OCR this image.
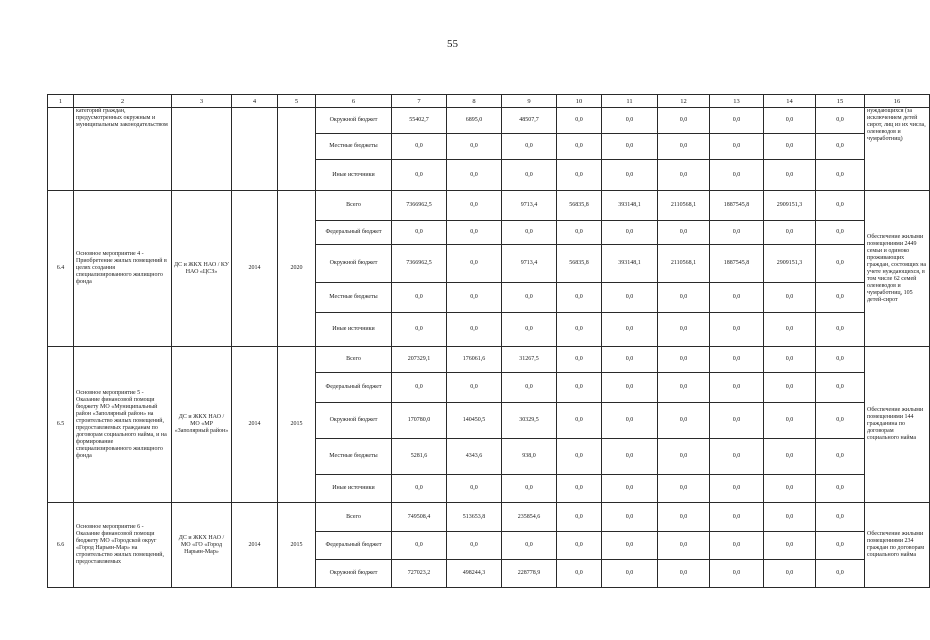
55
1	2	3	4	5	6	7	8	9	10	11	12	13	14	15	16
	категорий граждан, предусмотренных окружным и муниципальным законодательством				Окружной бюджет	55402,7	6895,0	48507,7	0,0	0,0	0,0	0,0	0,0	0,0	нуждающихся (за исключением детей сирот, лиц из их числа, оленеводов и чумработниц)
					Местные бюджеты	0,0	0,0	0,0	0,0	0,0	0,0	0,0	0,0	0,0	
					Иные источники	0,0	0,0	0,0	0,0	0,0	0,0	0,0	0,0	0,0	
6.4	Основное мероприятие 4 - Приобретение жилых помещений в целях создания специализированного жилищного фонда	ДС и ЖКХ НАО / КУ НАО «ЦСЗ»	2014	2020	Всего	7366962,5	0,0	9713,4	56835,8	393148,1	2110568,1	1887545,8	2909151,3	0,0	Обеспечение жилыми помещениями 2449 семьи и одиноко проживающих граждан, состоящих на учете нуждающихся, в том числе 62 семей оленеводов и чумработниц, 105 детей-сирот
					Федеральный бюджет	0,0	0,0	0,0	0,0	0,0	0,0	0,0	0,0	0,0	
					Окружной бюджет	7366962,5	0,0	9713,4	56835,8	393148,1	2110568,1	1887545,8	2909151,3	0,0	
					Местные бюджеты	0,0	0,0	0,0	0,0	0,0	0,0	0,0	0,0	0,0	
					Иные источники	0,0	0,0	0,0	0,0	0,0	0,0	0,0	0,0	0,0	
6.5	Основное мероприятие 5 - Оказание финансовой помощи бюджету МО «Муниципальный район «Заполярный район» на строительство жилых помещений, предоставляемых гражданам по договорам социального найма, и на формирование специализированного жилищного фонда	ДС и ЖКХ НАО / МО «МР «Заполярный район»	2014	2015	Всего	207329,1	176061,6	31267,5	0,0	0,0	0,0	0,0	0,0	0,0	Обеспечение жилыми помещениями 144 гражданина по договорам социального найма
					Федеральный бюджет	0,0	0,0	0,0	0,0	0,0	0,0	0,0	0,0	0,0	
					Окружной бюджет	170780,0	140450,5	30329,5	0,0	0,0	0,0	0,0	0,0	0,0	
					Местные бюджеты	5281,6	4343,6	938,0	0,0	0,0	0,0	0,0	0,0	0,0	
					Иные источники	0,0	0,0	0,0	0,0	0,0	0,0	0,0	0,0	0,0	
6.6	Основное мероприятие 6 - Оказание финансовой помощи бюджету МО «Городской округ «Город Нарьян-Мар» на строительство жилых помещений, предоставляемых	ДС и ЖКХ НАО / МО «ГО «Город Нарьян-Мар»	2014	2015	Всего	749508,4	513653,8	235854,6	0,0	0,0	0,0	0,0	0,0	0,0	Обеспечение жилыми помещениями 234 граждан по договорам социального найма
					Федеральный бюджет	0,0	0,0	0,0	0,0	0,0	0,0	0,0	0,0	0,0	
					Окружной бюджет	727023,2	498244,3	228778,9	0,0	0,0	0,0	0,0	0,0	0,0	
